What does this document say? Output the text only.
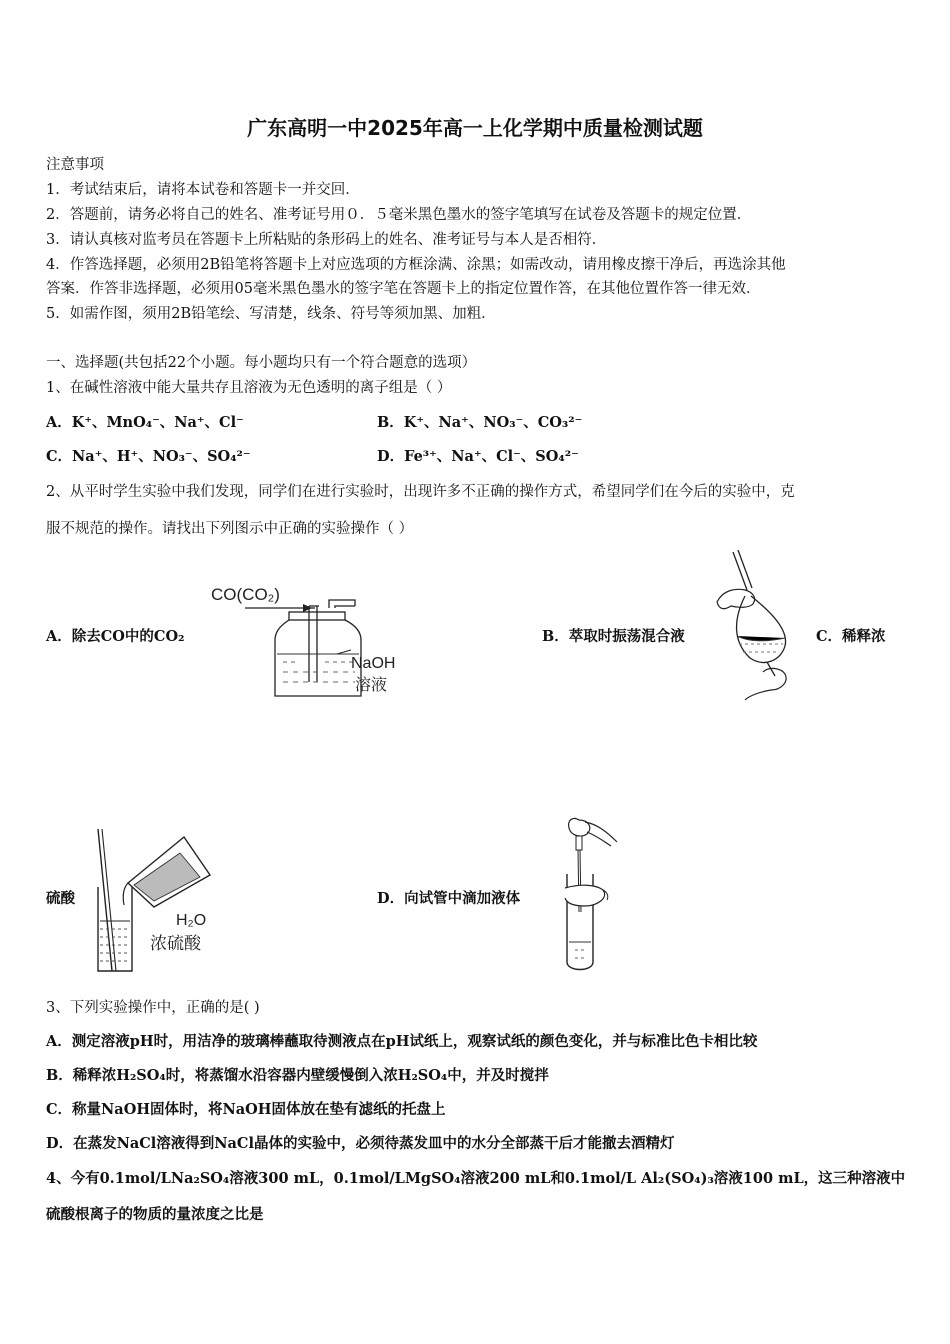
广东高明一中2025年高一上化学期中质量检测试题
注意事项
1．考试结束后，请将本试卷和答题卡一并交回．
2．答题前，请务必将自己的姓名、准考证号用０．５毫米黑色墨水的签字笔填写在试卷及答题卡的规定位置．
3．请认真核对监考员在答题卡上所粘贴的条形码上的姓名、准考证号与本人是否相符．
4．作答选择题，必须用2B铅笔将答题卡上对应选项的方框涂满、涂黑；如需改动，请用橡皮擦干净后，再选涂其他
答案．作答非选择题，必须用05毫米黑色墨水的签字笔在答题卡上的指定位置作答，在其他位置作答一律无效．
5．如需作图，须用2B铅笔绘、写清楚，线条、符号等须加黑、加粗．
一、选择题(共包括22个小题。每小题均只有一个符合题意的选项）
1、在碱性溶液中能大量共存且溶液为无色透明的离子组是（ ）
A．K⁺、MnO₄⁻、Na⁺、Cl⁻	B．K⁺、Na⁺、NO₃⁻、CO₃²⁻
C．Na⁺、H⁺、NO₃⁻、SO₄²⁻	D．Fe³⁺、Na⁺、Cl⁻、SO₄²⁻
2、从平时学生实验中我们发现，同学们在进行实验时，出现许多不正确的操作方式，希望同学们在今后的实验中，克
服不规范的操作。请找出下列图示中正确的实验操作（ ）
A．除去CO中的CO₂
CO(CO₂)
NaOH
溶液
B．萃取时振荡混合液	C．稀释浓
硫酸
H₂O
浓硫酸
D．向试管中滴加液体
3、下列实验操作中，正确的是( )
A．测定溶液pH时，用洁净的玻璃棒蘸取待测液点在pH试纸上，观察试纸的颜色变化，并与标准比色卡相比较
B．稀释浓H₂SO₄时，将蒸馏水沿容器内壁缓慢倒入浓H₂SO₄中，并及时搅拌
C．称量NaOH固体时，将NaOH固体放在垫有滤纸的托盘上
D．在蒸发NaCl溶液得到NaCl晶体的实验中，必须待蒸发皿中的水分全部蒸干后才能撤去酒精灯
4、今有0.1mol/LNa₂SO₄溶液300 mL，0.1mol/LMgSO₄溶液200 mL和0.1mol/L Al₂(SO₄)₃溶液100 mL，这三种溶液中
硫酸根离子的物质的量浓度之比是
